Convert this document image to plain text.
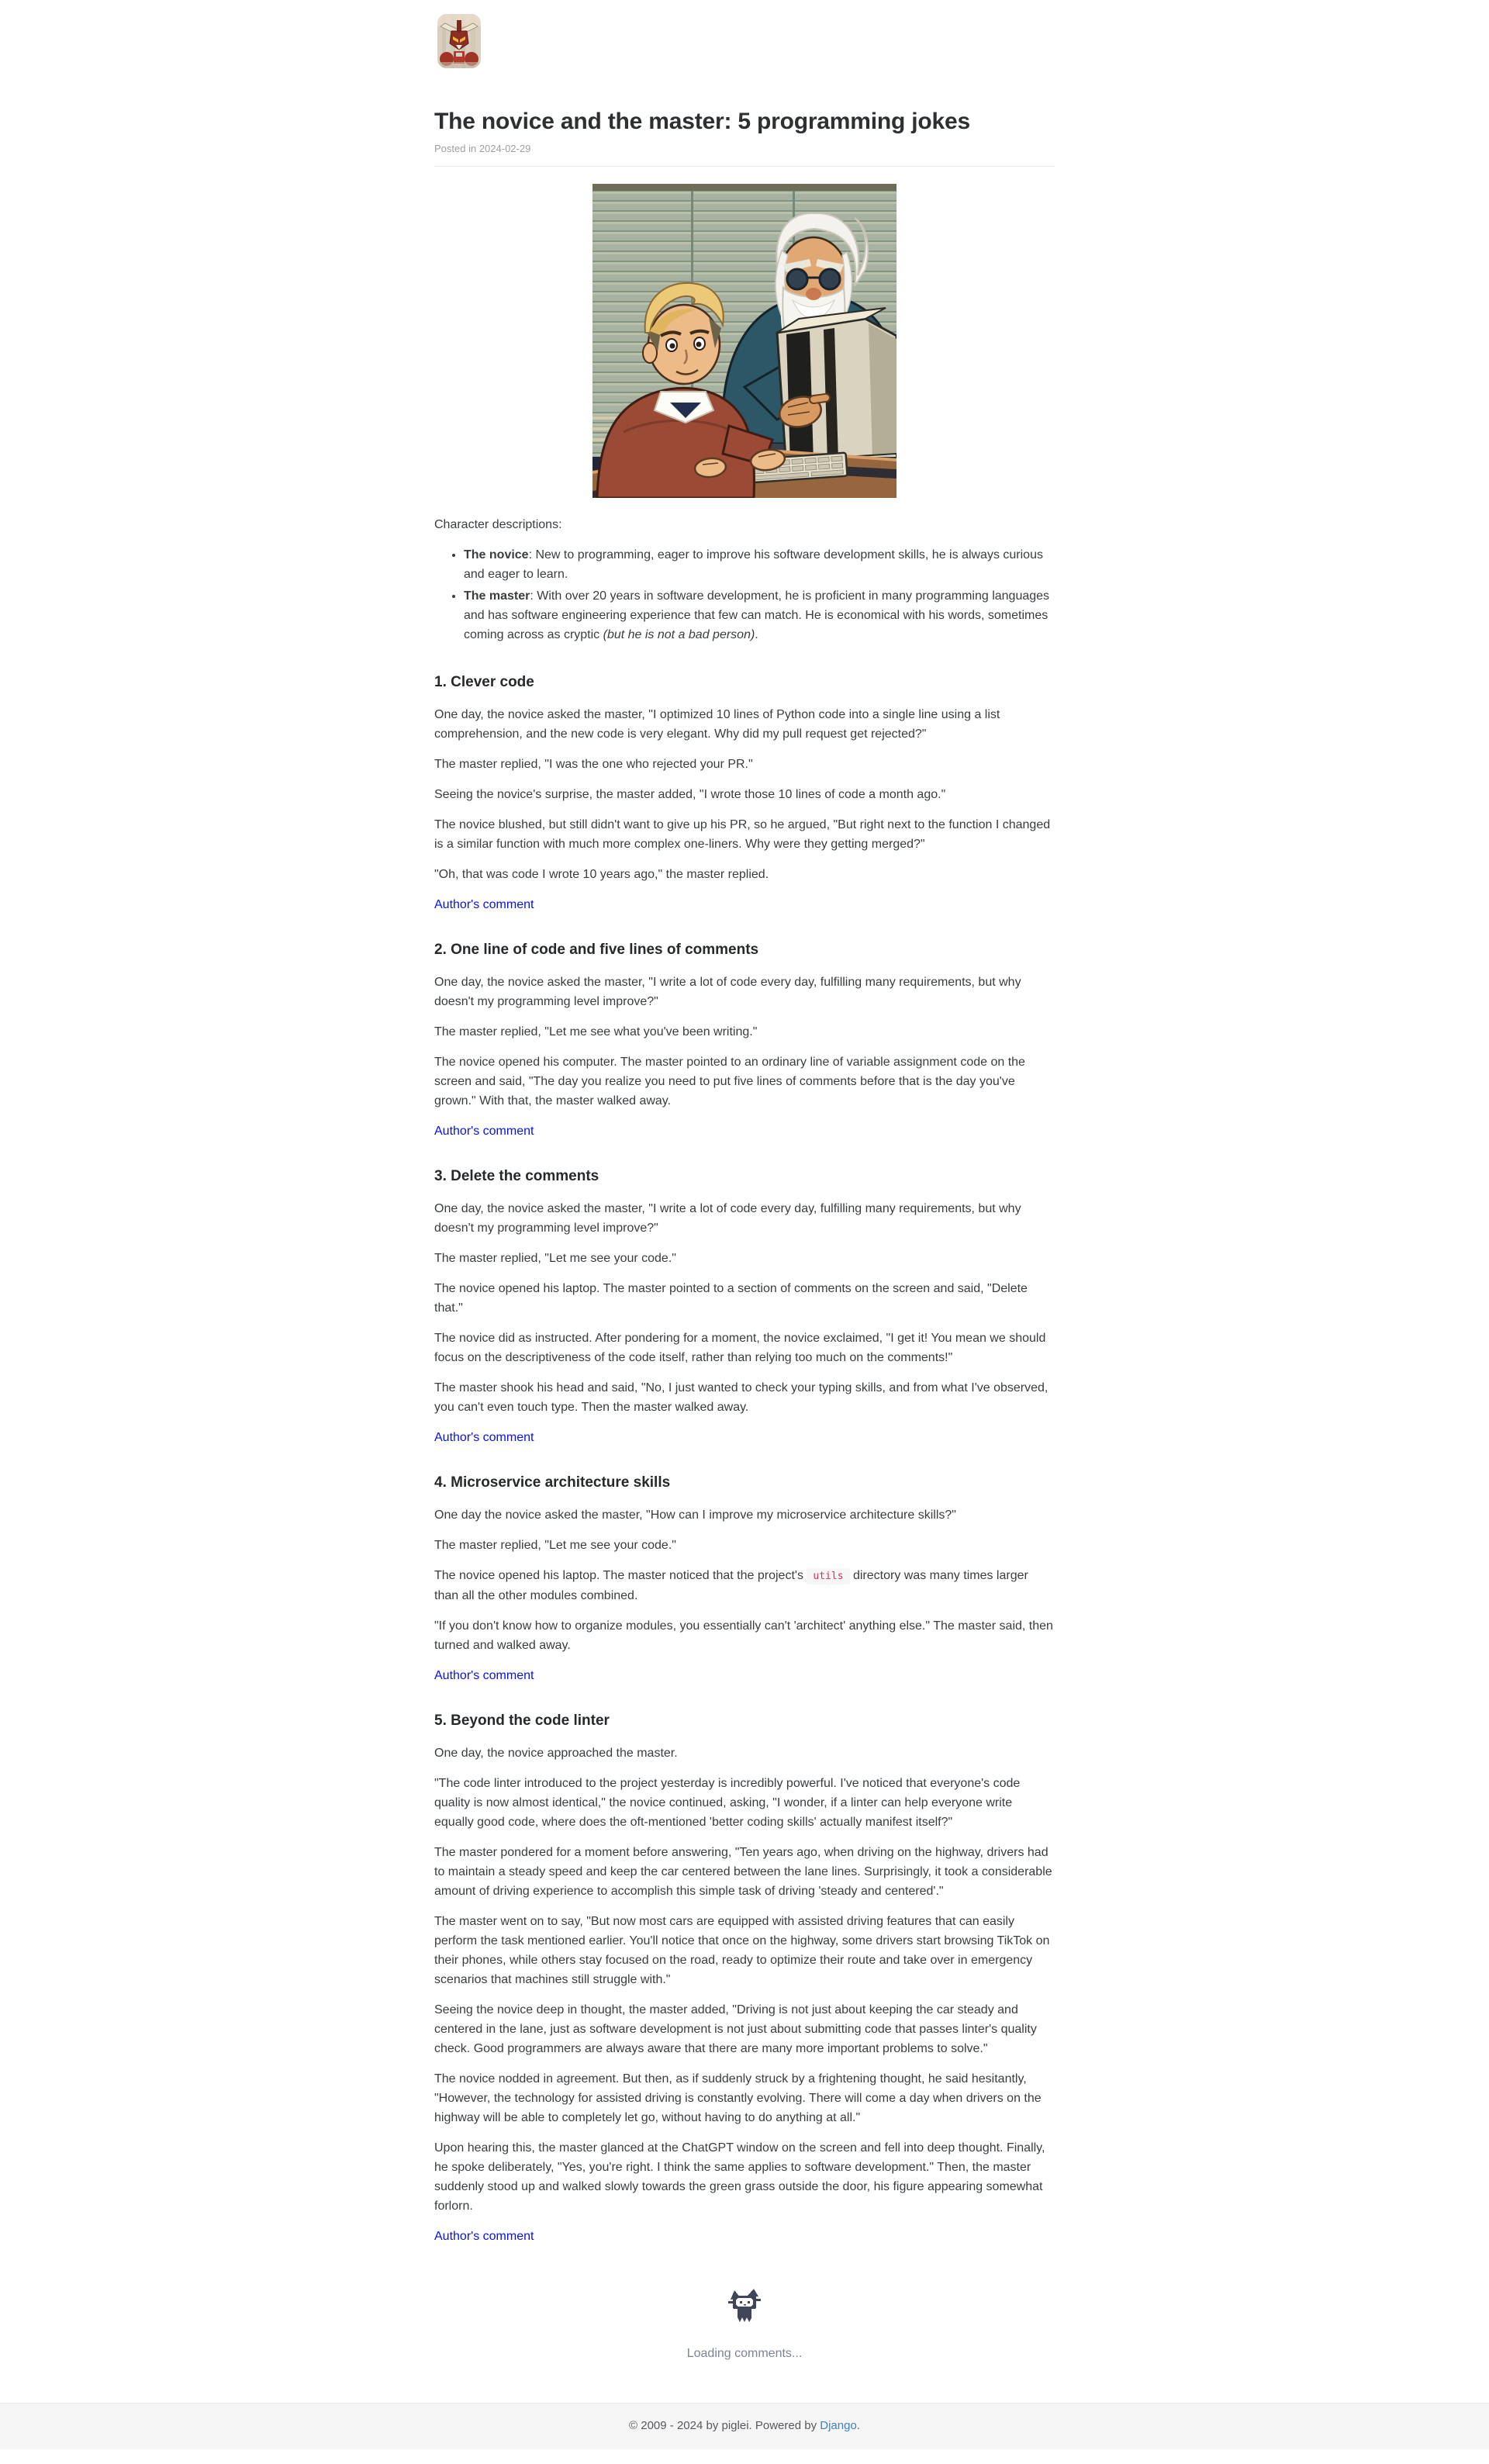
The novice and the master: 5 programming jokes
Posted in 2024-02-29

Character descriptions:

• The novice: New to programming, eager to improve his software development skills, he is always curious and eager to learn.
• The master: With over 20 years in software development, he is proficient in many programming languages and has software engineering experience that few can match. He is economical with his words, sometimes coming across as cryptic (but he is not a bad person).
1. Clever code

One day, the novice asked the master, "I optimized 10 lines of Python code into a single line using a list comprehension, and the new code is very elegant. Why did my pull request get rejected?"

The master replied, "I was the one who rejected your PR."

Seeing the novice's surprise, the master added, "I wrote those 10 lines of code a month ago."

The novice blushed, but still didn't want to give up his PR, so he argued, "But right next to the function I changed is a similar function with much more complex one-liners. Why were they getting merged?"

"Oh, that was code I wrote 10 years ago," the master replied.

Author's comment
2. One line of code and five lines of comments

One day, the novice asked the master, "I write a lot of code every day, fulfilling many requirements, but why doesn't my programming level improve?"

The master replied, "Let me see what you've been writing."

The novice opened his computer. The master pointed to an ordinary line of variable assignment code on the screen and said, "The day you realize you need to put five lines of comments before that is the day you've grown." With that, the master walked away.

Author's comment
3. Delete the comments

One day, the novice asked the master, "I write a lot of code every day, fulfilling many requirements, but why doesn't my programming level improve?"

The master replied, "Let me see your code."

The novice opened his laptop. The master pointed to a section of comments on the screen and said, "Delete that."

The novice did as instructed. After pondering for a moment, the novice exclaimed, "I get it! You mean we should focus on the descriptiveness of the code itself, rather than relying too much on the comments!"

The master shook his head and said, "No, I just wanted to check your typing skills, and from what I've observed, you can't even touch type. Then the master walked away.

Author's comment
4. Microservice architecture skills

One day the novice asked the master, "How can I improve my microservice architecture skills?"

The master replied, "Let me see your code."

The novice opened his laptop. The master noticed that the project's utils directory was many times larger than all the other modules combined.

"If you don't know how to organize modules, you essentially can't 'architect' anything else." The master said, then turned and walked away.

Author's comment
5. Beyond the code linter

One day, the novice approached the master.

"The code linter introduced to the project yesterday is incredibly powerful. I've noticed that everyone's code quality is now almost identical," the novice continued, asking, "I wonder, if a linter can help everyone write equally good code, where does the oft-mentioned 'better coding skills' actually manifest itself?"

The master pondered for a moment before answering, "Ten years ago, when driving on the highway, drivers had to maintain a steady speed and keep the car centered between the lane lines. Surprisingly, it took a considerable amount of driving experience to accomplish this simple task of driving 'steady and centered'."

The master went on to say, "But now most cars are equipped with assisted driving features that can easily perform the task mentioned earlier. You'll notice that once on the highway, some drivers start browsing TikTok on their phones, while others stay focused on the road, ready to optimize their route and take over in emergency scenarios that machines still struggle with."

Seeing the novice deep in thought, the master added, "Driving is not just about keeping the car steady and centered in the lane, just as software development is not just about submitting code that passes linter's quality check. Good programmers are always aware that there are many more important problems to solve."

The novice nodded in agreement. But then, as if suddenly struck by a frightening thought, he said hesitantly, "However, the technology for assisted driving is constantly evolving. There will come a day when drivers on the highway will be able to completely let go, without having to do anything at all."

Upon hearing this, the master glanced at the ChatGPT window on the screen and fell into deep thought. Finally, he spoke deliberately, "Yes, you're right. I think the same applies to software development." Then, the master suddenly stood up and walked slowly towards the green grass outside the door, his figure appearing somewhat forlorn.

Author's comment
Loading comments...
© 2009 - 2024 by piglei. Powered by Django.
